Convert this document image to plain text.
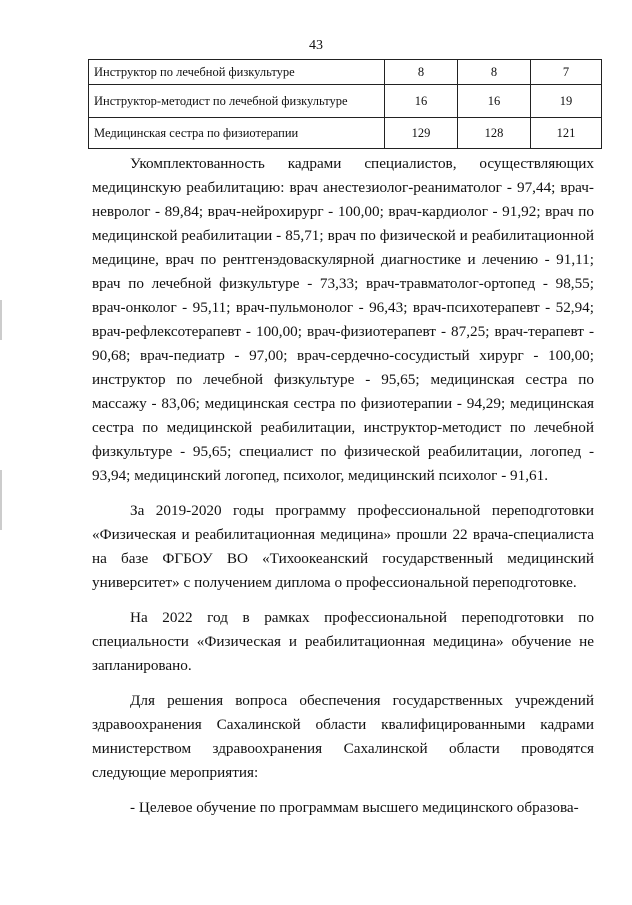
43
Инструктор по лечебной физкультуре	8	8	7
Инструктор-методист по лечебной физкультуре	16	16	19
Медицинская сестра по физиотерапии	129	128	121

Укомплектованность кадрами специалистов, осуществляющих медицинскую реабилитацию: врач анестезиолог-реаниматолог - 97,44; врач-невролог - 89,84; врач-нейрохирург - 100,00; врач-кардиолог - 91,92; врач по медицинской реабилитации - 85,71; врач по физической и реабилитационной медицине, врач по рентгенэдоваскулярной диагностике и лечению - 91,11; врач по лечебной физкультуре - 73,33; врач-травматолог-ортопед - 98,55; врач-онколог - 95,11; врач-пульмонолог - 96,43; врач-психотерапевт - 52,94; врач-рефлексотерапевт - 100,00; врач-физиотерапевт - 87,25; врач-терапевт - 90,68; врач-педиатр - 97,00; врач-сердечно-сосудистый хирург - 100,00; инструктор по лечебной физкультуре - 95,65; медицинская сестра по массажу - 83,06; медицинская сестра по физиотерапии - 94,29; медицинская сестра по медицинской реабилитации, инструктор-методист по лечебной физкультуре - 95,65; специалист по физической реабилитации, логопед - 93,94; медицинский логопед, психолог, медицинский психолог - 91,61.

За 2019-2020 годы программу профессиональной переподготовки «Физическая и реабилитационная медицина» прошли 22 врача-специалиста на базе ФГБОУ ВО «Тихоокеанский государственный медицинский университет» с получением диплома о профессиональной переподготовке.

На 2022 год в рамках профессиональной переподготовки по специальности «Физическая и реабилитационная медицина» обучение не запланировано.

Для решения вопроса обеспечения государственных учреждений здравоохранения Сахалинской области квалифицированными кадрами министерством здравоохранения Сахалинской области проводятся следующие мероприятия:

- Целевое обучение по программам высшего медицинского образова-
